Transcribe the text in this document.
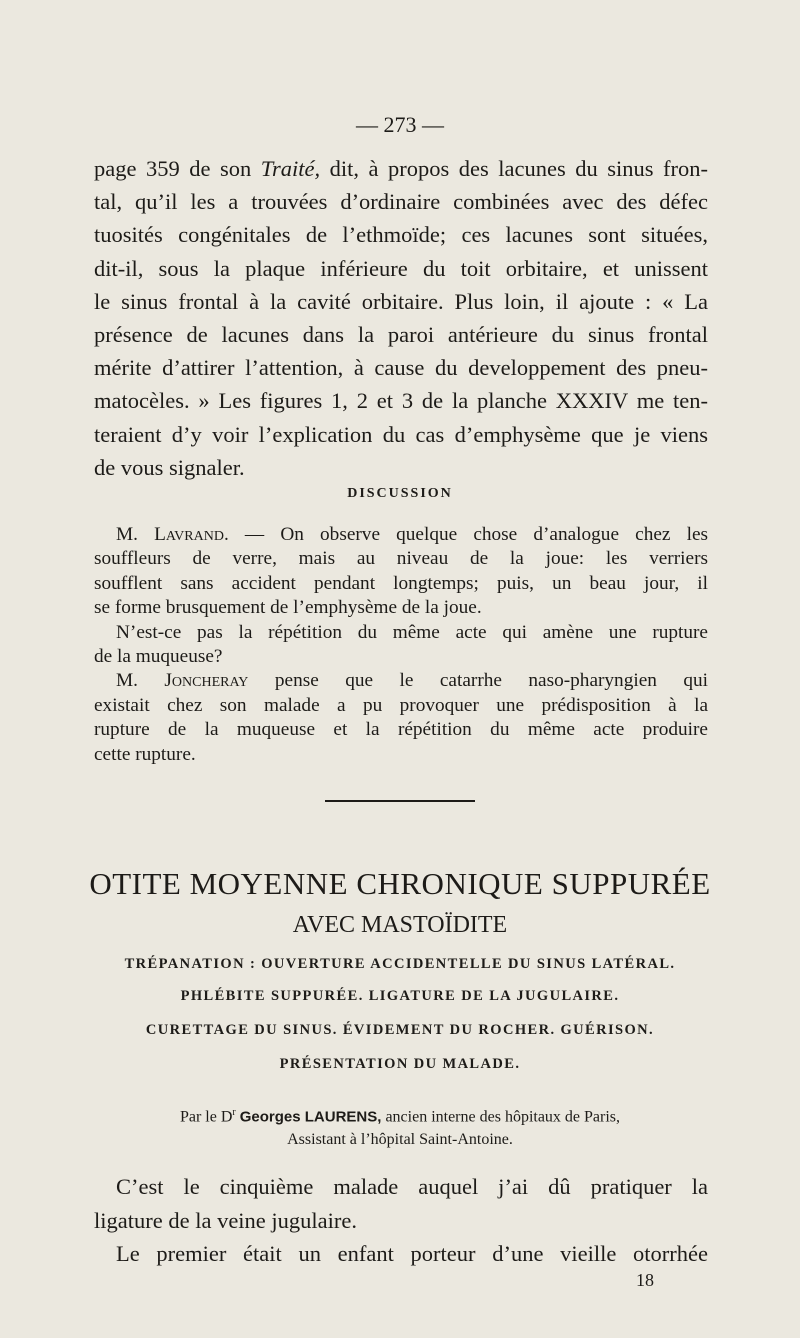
— 273 —
page 359 de son Traité, dit, à propos des lacunes du sinus fron-
tal, qu’il les a trouvées d’ordinaire combinées avec des défec
tuosités congénitales de l’ethmoïde; ces lacunes sont situées,
dit-il, sous la plaque inférieure du toit orbitaire, et unissent
le sinus frontal à la cavité orbitaire. Plus loin, il ajoute : « La
présence de lacunes dans la paroi antérieure du sinus frontal
mérite d’attirer l’attention, à cause du developpement des pneu-
matocèles. » Les figures 1, 2 et 3 de la planche XXXIV me ten-
teraient d’y voir l’explication du cas d’emphysème que je viens
de vous signaler.
DISCUSSION
M. Lavrand. — On observe quelque chose d’analogue chez les
souffleurs de verre, mais au niveau de la joue: les verriers
soufflent sans accident pendant longtemps; puis, un beau jour, il
se forme brusquement de l’emphysème de la joue.
N’est-ce pas la répétition du même acte qui amène une rupture
de la muqueuse?
M. Joncheray pense que le catarrhe naso-pharyngien qui
existait chez son malade a pu provoquer une prédisposition à la
rupture de la muqueuse et la répétition du même acte produire
cette rupture.
OTITE MOYENNE CHRONIQUE SUPPURÉE
AVEC MASTOÏDITE
TRÉPANATION : OUVERTURE ACCIDENTELLE DU SINUS LATÉRAL.
PHLÉBITE SUPPURÉE. LIGATURE DE LA JUGULAIRE.
CURETTAGE DU SINUS. ÉVIDEMENT DU ROCHER. GUÉRISON.
PRÉSENTATION DU MALADE.
Par le $D^r$ Georges LAURENS, ancien interne des hôpitaux de Paris,
Assistant à l’hôpital Saint-Antoine.
C’est le cinquième malade auquel j’ai dû pratiquer la
ligature de la veine jugulaire.
Le premier était un enfant porteur d’une vieille otorrhée
18
